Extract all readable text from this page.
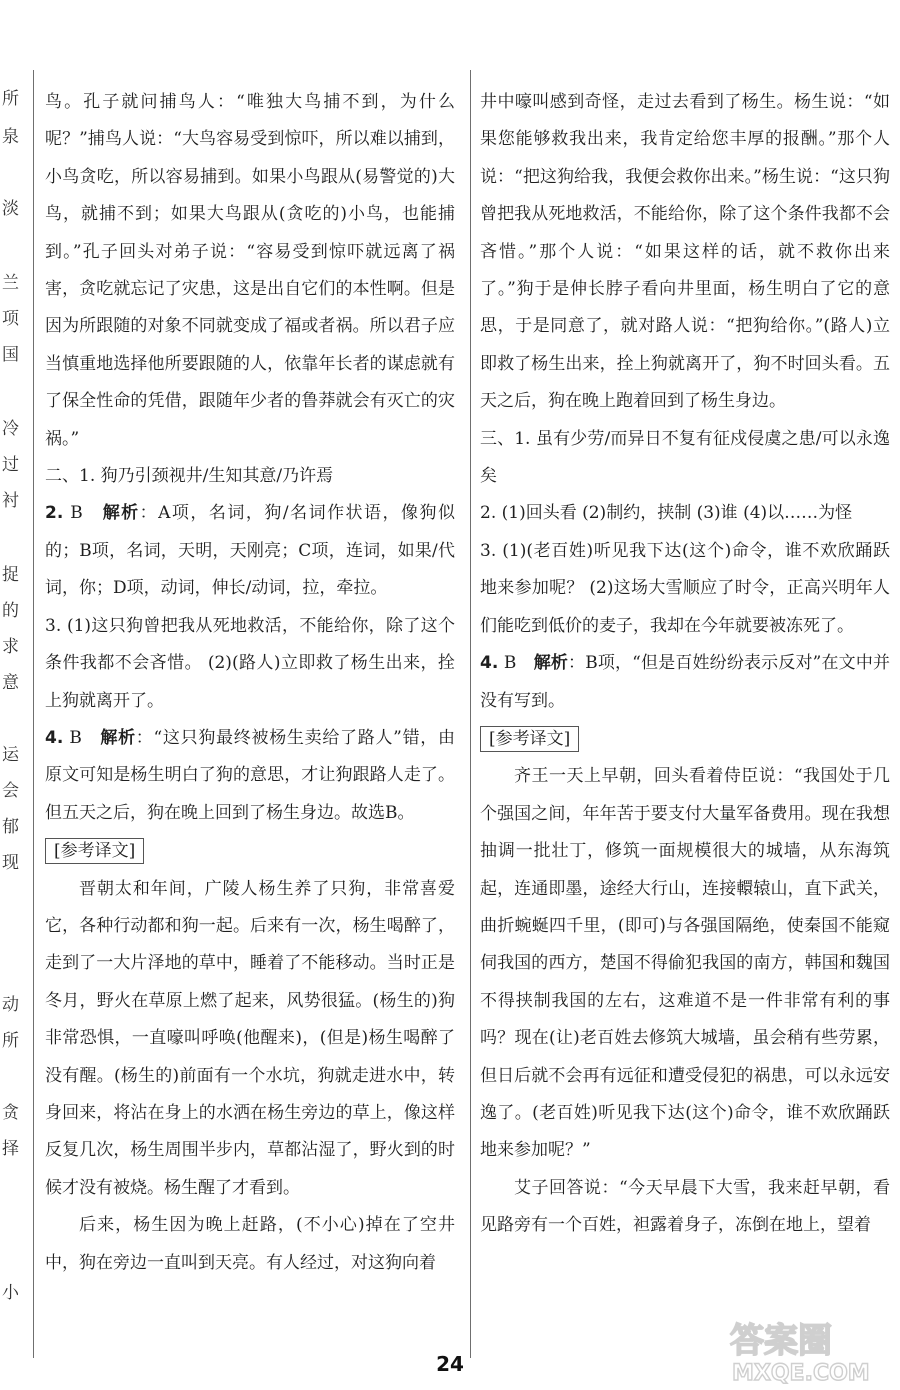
所
泉
淡
兰
项
国
冷
过
衬
捉
的
求
意
运
会
郁
现
动
所
贪
择
小

鸟。孔子就问捕鸟人：“唯独大鸟捕不到，为什么呢？”捕鸟人说：“大鸟容易受到惊吓，所以难以捕到，小鸟贪吃，所以容易捕到。如果小鸟跟从(易警觉的)大鸟，就捕不到；如果大鸟跟从(贪吃的)小鸟，也能捕到。”孔子回头对弟子说：“容易受到惊吓就远离了祸害，贪吃就忘记了灾患，这是出自它们的本性啊。但是因为所跟随的对象不同就变成了福或者祸。所以君子应当慎重地选择他所要跟随的人，依靠年长者的谋虑就有了保全性命的凭借，跟随年少者的鲁莽就会有灭亡的灾祸。”

二、1. 狗乃引颈视井/生知其意/乃许焉

2. B　 解析：A项，名词，狗/名词作状语，像狗似的；B项，名词，天明，天刚亮；C项，连词，如果/代词，你；D项，动词，伸长/动词，拉，牵拉。

3. (1)这只狗曾把我从死地救活，不能给你，除了这个条件我都不会吝惜。 (2)(路人)立即救了杨生出来，拴上狗就离开了。

4. B　 解析：“这只狗最终被杨生卖给了路人”错，由原文可知是杨生明白了狗的意思，才让狗跟路人走了。但五天之后，狗在晚上回到了杨生身边。故选B。

[参考译文]

晋朝太和年间，广陵人杨生养了只狗，非常喜爱它，各种行动都和狗一起。后来有一次，杨生喝醉了，走到了一大片泽地的草中，睡着了不能移动。当时正是冬月，野火在草原上燃了起来，风势很猛。(杨生的)狗非常恐惧，一直嚎叫呼唤(他醒来)，(但是)杨生喝醉了没有醒。(杨生的)前面有一个水坑，狗就走进水中，转身回来，将沾在身上的水洒在杨生旁边的草上，像这样反复几次，杨生周围半步内，草都沾湿了，野火到的时候才没有被烧。杨生醒了才看到。

后来，杨生因为晚上赶路，(不小心)掉在了空井中，狗在旁边一直叫到天亮。有人经过，对这狗向着

井中嚎叫感到奇怪，走过去看到了杨生。杨生说：“如果您能够救我出来，我肯定给您丰厚的报酬。”那个人说：“把这狗给我，我便会救你出来。”杨生说：“这只狗曾把我从死地救活，不能给你，除了这个条件我都不会吝惜。”那个人说：“如果这样的话，就不救你出来了。”狗于是伸长脖子看向井里面，杨生明白了它的意思，于是同意了，就对路人说：“把狗给你。”(路人)立即救了杨生出来，拴上狗就离开了，狗不时回头看。五天之后，狗在晚上跑着回到了杨生身边。

三、1. 虽有少劳/而异日不复有征戍侵虞之患/可以永逸矣

2. (1)回头看 (2)制约，挟制 (3)谁 (4)以……为怪

3. (1)(老百姓)听见我下达(这个)命令，谁不欢欣踊跃地来参加呢？ (2)这场大雪顺应了时令，正高兴明年人们能吃到低价的麦子，我却在今年就要被冻死了。

4. B　 解析：B项，“但是百姓纷纷表示反对”在文中并没有写到。

[参考译文]

齐王一天上早朝，回头看着侍臣说：“我国处于几个强国之间，年年苦于要支付大量军备费用。现在我想抽调一批壮丁，修筑一面规模很大的城墙，从东海筑起，连通即墨，途经大行山，连接轘辕山，直下武关，曲折蜿蜒四千里，(即可)与各强国隔绝，使秦国不能窥伺我国的西方，楚国不得偷犯我国的南方，韩国和魏国不得挟制我国的左右，这难道不是一件非常有利的事吗？现在(让)老百姓去修筑大城墙，虽会稍有些劳累，但日后就不会再有远征和遭受侵犯的祸患，可以永远安逸了。(老百姓)听见我下达(这个)命令，谁不欢欣踊跃地来参加呢？”

艾子回答说：“今天早晨下大雪，我来赶早朝，看见路旁有一个百姓，袒露着身子，冻倒在地上，望着

24
答案圈
MXQE.COM
